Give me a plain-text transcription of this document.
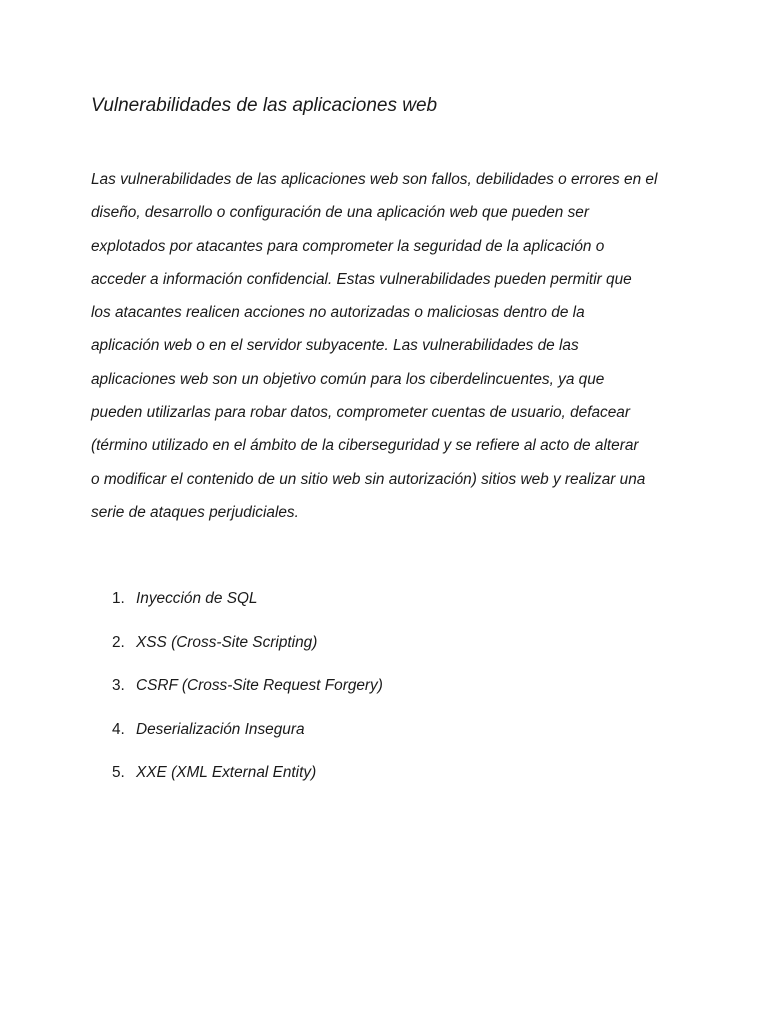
Vulnerabilidades de las aplicaciones web

Las vulnerabilidades de las aplicaciones web son fallos, debilidades o errores en el
diseño, desarrollo o configuración de una aplicación web que pueden ser
explotados por atacantes para comprometer la seguridad de la aplicación o
acceder a información confidencial. Estas vulnerabilidades pueden permitir que
los atacantes realicen acciones no autorizadas o maliciosas dentro de la
aplicación web o en el servidor subyacente. Las vulnerabilidades de las
aplicaciones web son un objetivo común para los ciberdelincuentes, ya que
pueden utilizarlas para robar datos, comprometer cuentas de usuario, defacear
(término utilizado en el ámbito de la ciberseguridad y se refiere al acto de alterar
o modificar el contenido de un sitio web sin autorización) sitios web y realizar una
serie de ataques perjudiciales.

1. Inyección de SQL
2. XSS (Cross-Site Scripting)
3. CSRF (Cross-Site Request Forgery)
4. Deserialización Insegura
5. XXE (XML External Entity)
